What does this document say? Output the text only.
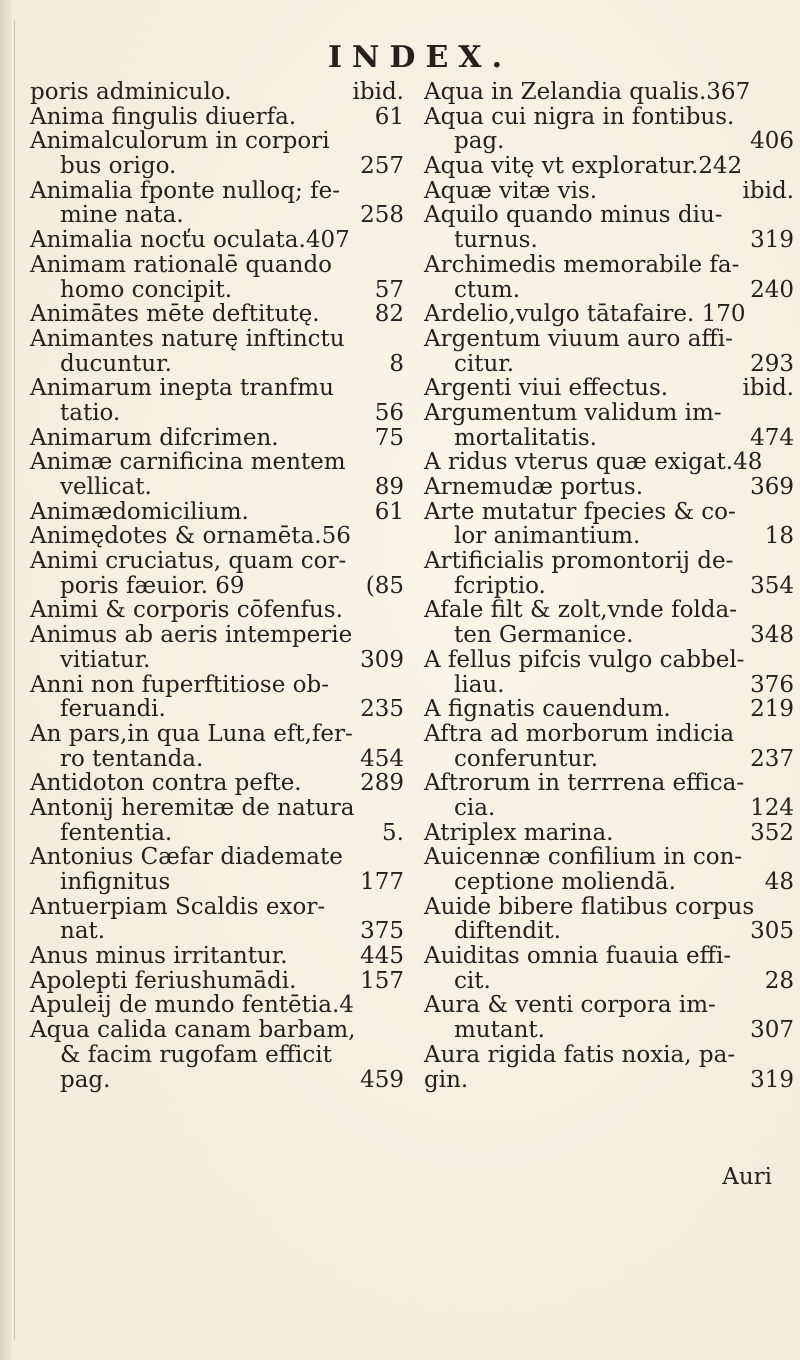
INDEX.
poris adminiculo.	ibid.
Anima fingulis diuerfa.	61
Animalculorum in corpori
bus origo.	257
Animalia fponte nulloq; fe-
mine nata.	258
Animalia nocťu oculata.407
Animam rationalē quando
homo concipit.	57
Animātes mēte deftitutę. 82
Animantes naturę inftinctu
ducuntur.	8
Animarum inepta tranfmu
tatio.	56
Animarum difcrimen.	75
Animæ carnificina mentem
vellicat.	89
Animædomicilium.	61
Animędotes & ornamēta.56
Animi cruciatus, quam cor-
poris fæuior. 69	(85
Animi & corporis cōfenfus.
Animus ab aeris intemperie
vitiatur.	309
Anni non fuperftitiose ob-
feruandi.	235
An pars,in qua Luna eft,fer-
ro tentanda.	454
Antidoton contra pefte.	289
Antonij heremitæ de natura
fententia.	5.
Antonius Cæfar diademate
infignitus	177
Antuerpiam Scaldis exor-
nat.	375
Anus minus irritantur.	445
Apolepti feriushumādi.	157
Apuleij de mundo fentētia.4
Aqua calida canam barbam,
& facim rugofam efficit
pag.	459
Aqua in Zelandia qualis.367
Aqua cui nigra in fontibus.
pag.	406
Aqua vitę vt exploratur.242
Aquæ vitæ vis.	ibid.
Aquilo quando minus diu-
turnus.	319
Archimedis memorabile fa-
ctum.	240
Ardelio,vulgo tātafaire. 170
Argentum viuum auro affi-
citur.	293
Argenti viui effectus.	ibid.
Argumentum validum im-
mortalitatis.	474
A ridus vterus quæ exigat.48
Arnemudæ portus.	369
Arte mutatur fpecies & co-
lor animantium.	18
Artificialis promontorij de-
fcriptio.	354
Afale filt & zolt,vnde folda-
ten Germanice.	348
A fellus pifcis vulgo cabbel-
liau.	376
A fignatis cauendum.	219
Aftra ad morborum indicia
conferuntur.	237
Aftrorum in terrrena effica-
cia.	124
Atriplex marina.	352
Auicennæ confilium in con-
ceptione moliendā.	48
Auide bibere flatibus corpus
diftendit.	305
Auiditas omnia fuauia effi-
cit.	28
Aura & venti corpora im-
mutant.	307
Aura rigida fatis noxia, pa-
gin.	319
Auri
